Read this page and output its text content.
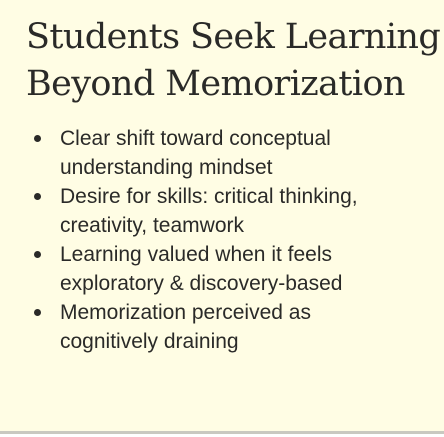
Students Seek Learning
Beyond Memorization
Clear shift toward conceptual
understanding mindset
Desire for skills: critical thinking,
creativity, teamwork
Learning valued when it feels
exploratory & discovery-based
Memorization perceived as
cognitively draining
